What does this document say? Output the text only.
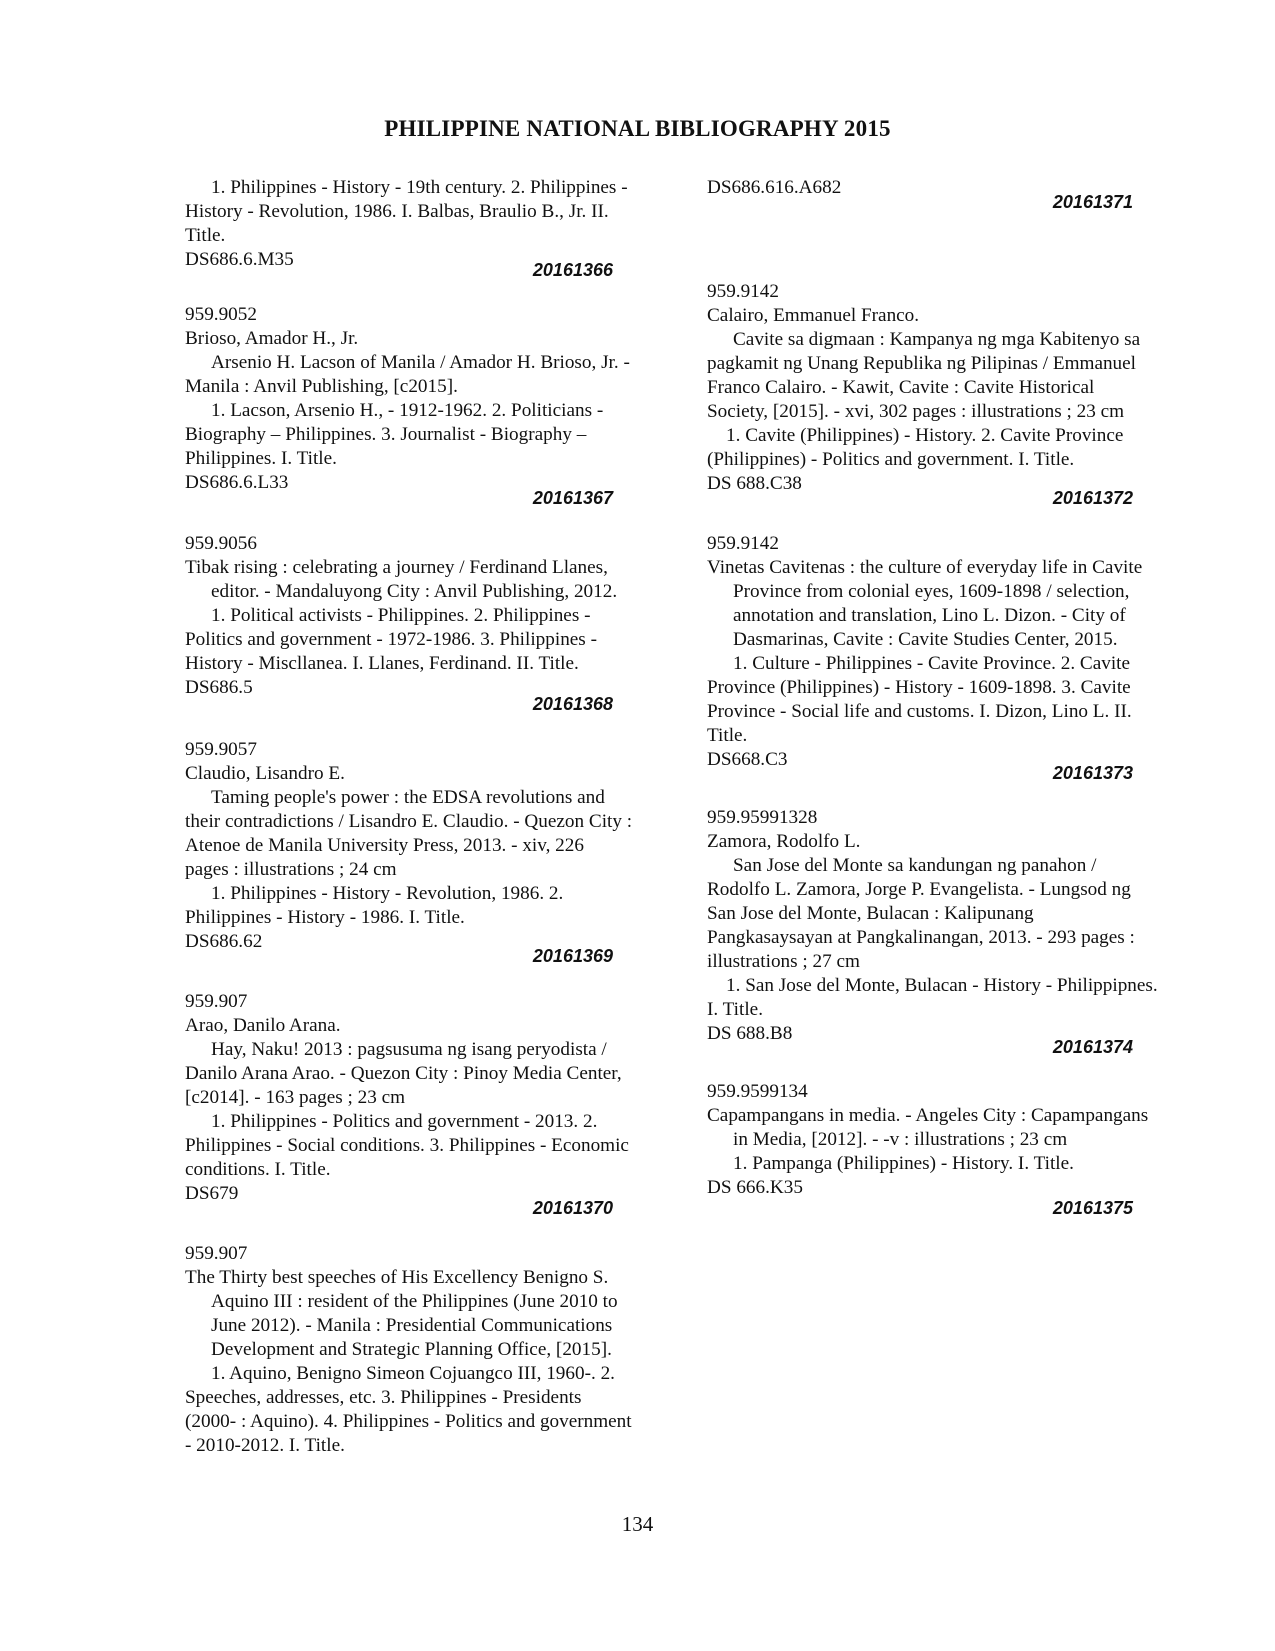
PHILIPPINE NATIONAL BIBLIOGRAPHY 2015
1. Philippines - History - 19th century. 2. Philippines -
History - Revolution, 1986. I. Balbas, Braulio B., Jr. II.
Title.
DS686.6.M35	20161366
959.9052
Brioso, Amador H., Jr.
Arsenio H. Lacson of Manila / Amador H. Brioso, Jr. -
Manila : Anvil Publishing, [c2015].
1. Lacson, Arsenio H., - 1912-1962. 2. Politicians -
Biography – Philippines. 3. Journalist - Biography –
Philippines. I. Title.
DS686.6.L33
20161367
959.9056
Tibak rising : celebrating a journey / Ferdinand Llanes,
editor. - Mandaluyong City : Anvil Publishing, 2012.
1. Political activists - Philippines. 2. Philippines -
Politics and government - 1972-1986. 3. Philippines -
History - Miscllanea. I. Llanes, Ferdinand. II. Title.
DS686.5
20161368
959.9057
Claudio, Lisandro E.
Taming people's power : the EDSA revolutions and
their contradictions / Lisandro E. Claudio. - Quezon City :
Atenoe de Manila University Press, 2013. - xiv, 226
pages : illustrations ; 24 cm
1. Philippines - History - Revolution, 1986. 2.
Philippines - History - 1986. I. Title.
DS686.62
20161369
959.907
Arao, Danilo Arana.
Hay, Naku! 2013 : pagsusuma ng isang peryodista /
Danilo Arana Arao. - Quezon City : Pinoy Media Center,
[c2014]. - 163 pages ; 23 cm
1. Philippines - Politics and government - 2013. 2.
Philippines - Social conditions. 3. Philippines - Economic
conditions. I. Title.
DS679
20161370
959.907
The Thirty best speeches of His Excellency Benigno S.
Aquino III : resident of the Philippines (June 2010 to
June 2012). - Manila : Presidential Communications
Development and Strategic Planning Office, [2015].
1. Aquino, Benigno Simeon Cojuangco III, 1960-. 2.
Speeches, addresses, etc. 3. Philippines - Presidents
(2000- : Aquino). 4. Philippines - Politics and government
- 2010-2012. I. Title.
DS686.616.A682
20161371
959.9142
Calairo, Emmanuel Franco.
Cavite sa digmaan : Kampanya ng mga Kabitenyo sa
pagkamit ng Unang Republika ng Pilipinas / Emmanuel
Franco Calairo. - Kawit, Cavite : Cavite Historical
Society, [2015]. - xvi, 302 pages : illustrations ; 23 cm
1. Cavite (Philippines) - History. 2. Cavite Province
(Philippines) - Politics and government. I. Title.
DS 688.C38
20161372
959.9142
Vinetas Cavitenas : the culture of everyday life in Cavite
Province from colonial eyes, 1609-1898 / selection,
annotation and translation, Lino L. Dizon. - City of
Dasmarinas, Cavite : Cavite Studies Center, 2015.
1. Culture - Philippines - Cavite Province. 2. Cavite
Province (Philippines) - History - 1609-1898. 3. Cavite
Province - Social life and customs. I. Dizon, Lino L. II.
Title.
DS668.C3
20161373
959.95991328
Zamora, Rodolfo L.
San Jose del Monte sa kandungan ng panahon /
Rodolfo L. Zamora, Jorge P. Evangelista. - Lungsod ng
San Jose del Monte, Bulacan : Kalipunang
Pangkasaysayan at Pangkalinangan, 2013. - 293 pages :
illustrations ; 27 cm
1. San Jose del Monte, Bulacan - History - Philippipnes.
I. Title.
DS 688.B8
20161374
959.9599134
Capampangans in media. - Angeles City : Capampangans
in Media, [2012]. - -v : illustrations ; 23 cm
1. Pampanga (Philippines) - History. I. Title.
DS 666.K35
20161375
134
